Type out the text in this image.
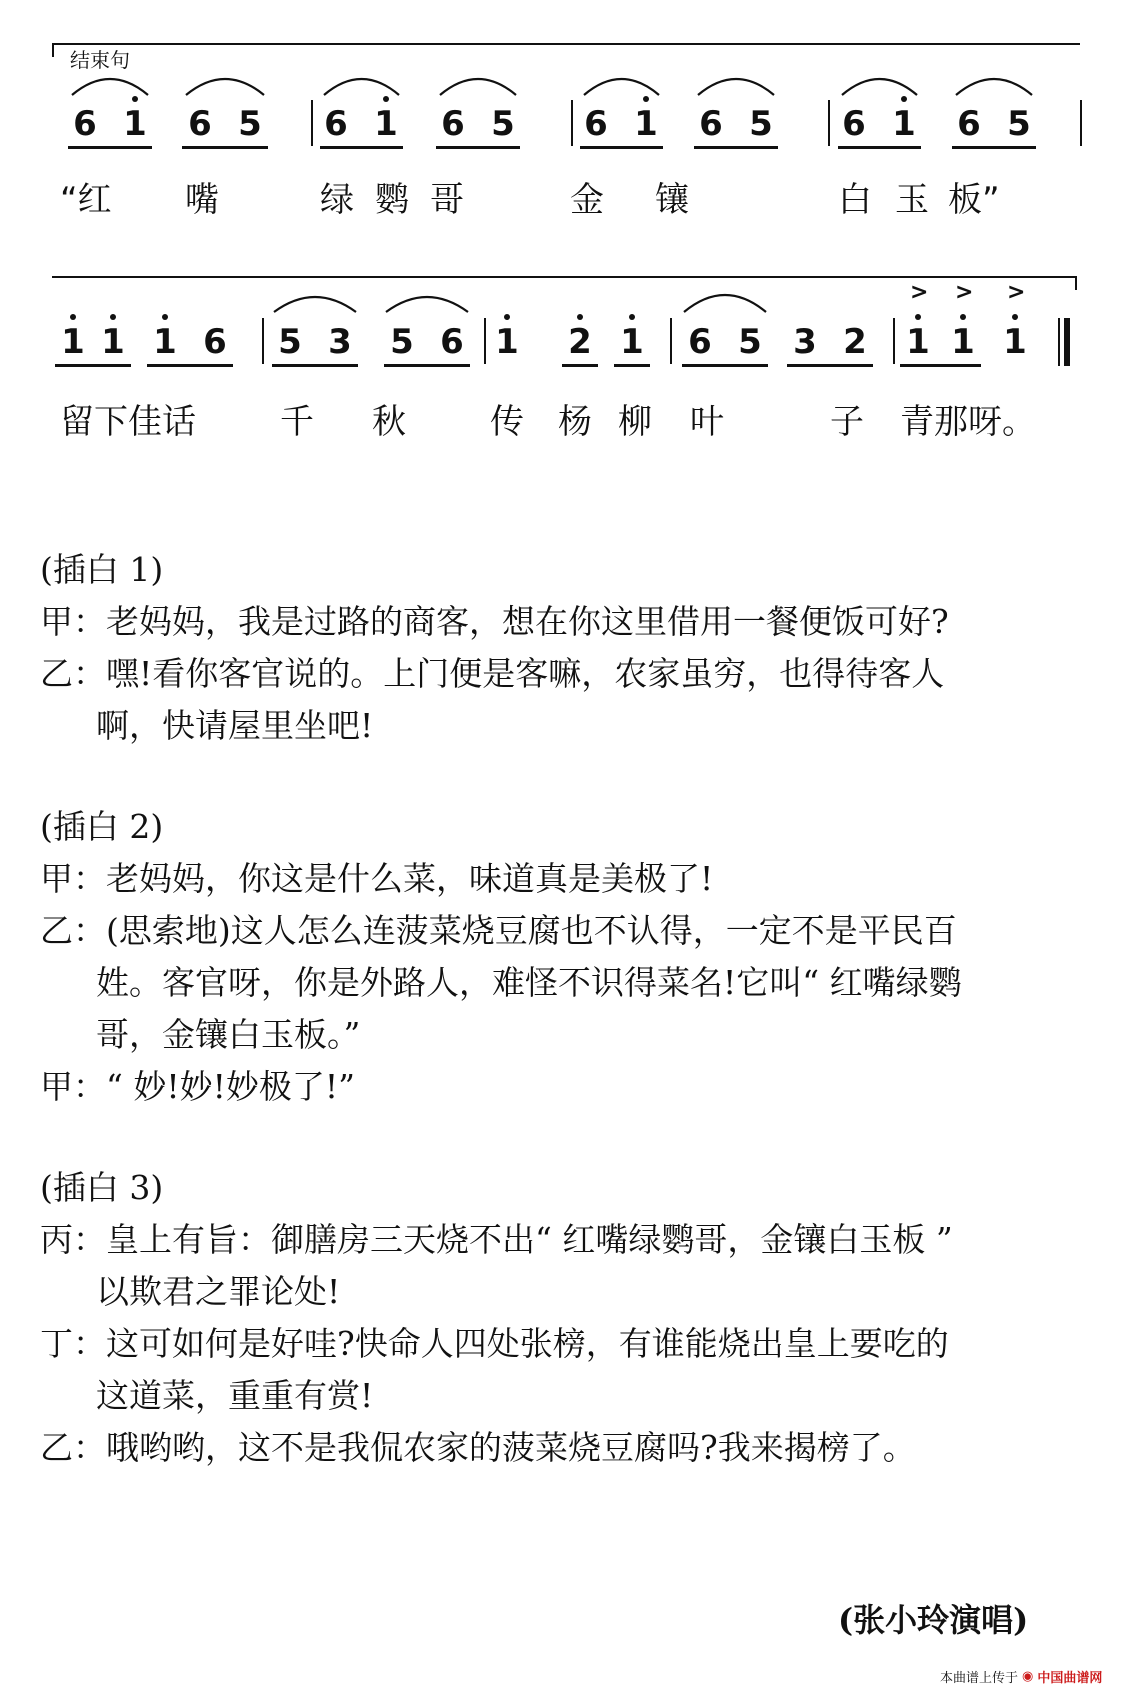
结束句
6 1 6 5 6 1 6 5 6 1 6 5 6 1 6 5
“红 嘴	绿 鹦 哥	金 镶	白 玉 板”
1 1 1 6 5 3 5 6 1 2 1 6 5 3 2 1
>
1
>
1
>
留下佳话 千 秋 传 杨 柳 叶	子 青那呀。
(插白 1)
甲：老妈妈，我是过路的商客，想在你这里借用一餐便饭可好?
乙：嘿!看你客官说的。上门便是客嘛，农家虽穷，也得待客人
啊，快请屋里坐吧!
(插白 2)
甲：老妈妈，你这是什么菜，味道真是美极了!
乙：(思索地)这人怎么连菠菜烧豆腐也不认得，一定不是平民百
姓。客官呀，你是外路人，难怪不识得菜名!它叫“ 红嘴绿鹦
哥，金镶白玉板。”
甲：“ 妙!妙!妙极了!”
(插白 3)
丙：皇上有旨：御膳房三天烧不出“ 红嘴绿鹦哥，金镶白玉板 ”
以欺君之罪论处!
丁：这可如何是好哇?快命人四处张榜，有谁能烧出皇上要吃的
这道菜，重重有赏!
乙：哦哟哟，这不是我侃农家的菠菜烧豆腐吗?我来揭榜了。
(张小玲演唱)
本曲谱上传于 ◉ 中国曲谱网
